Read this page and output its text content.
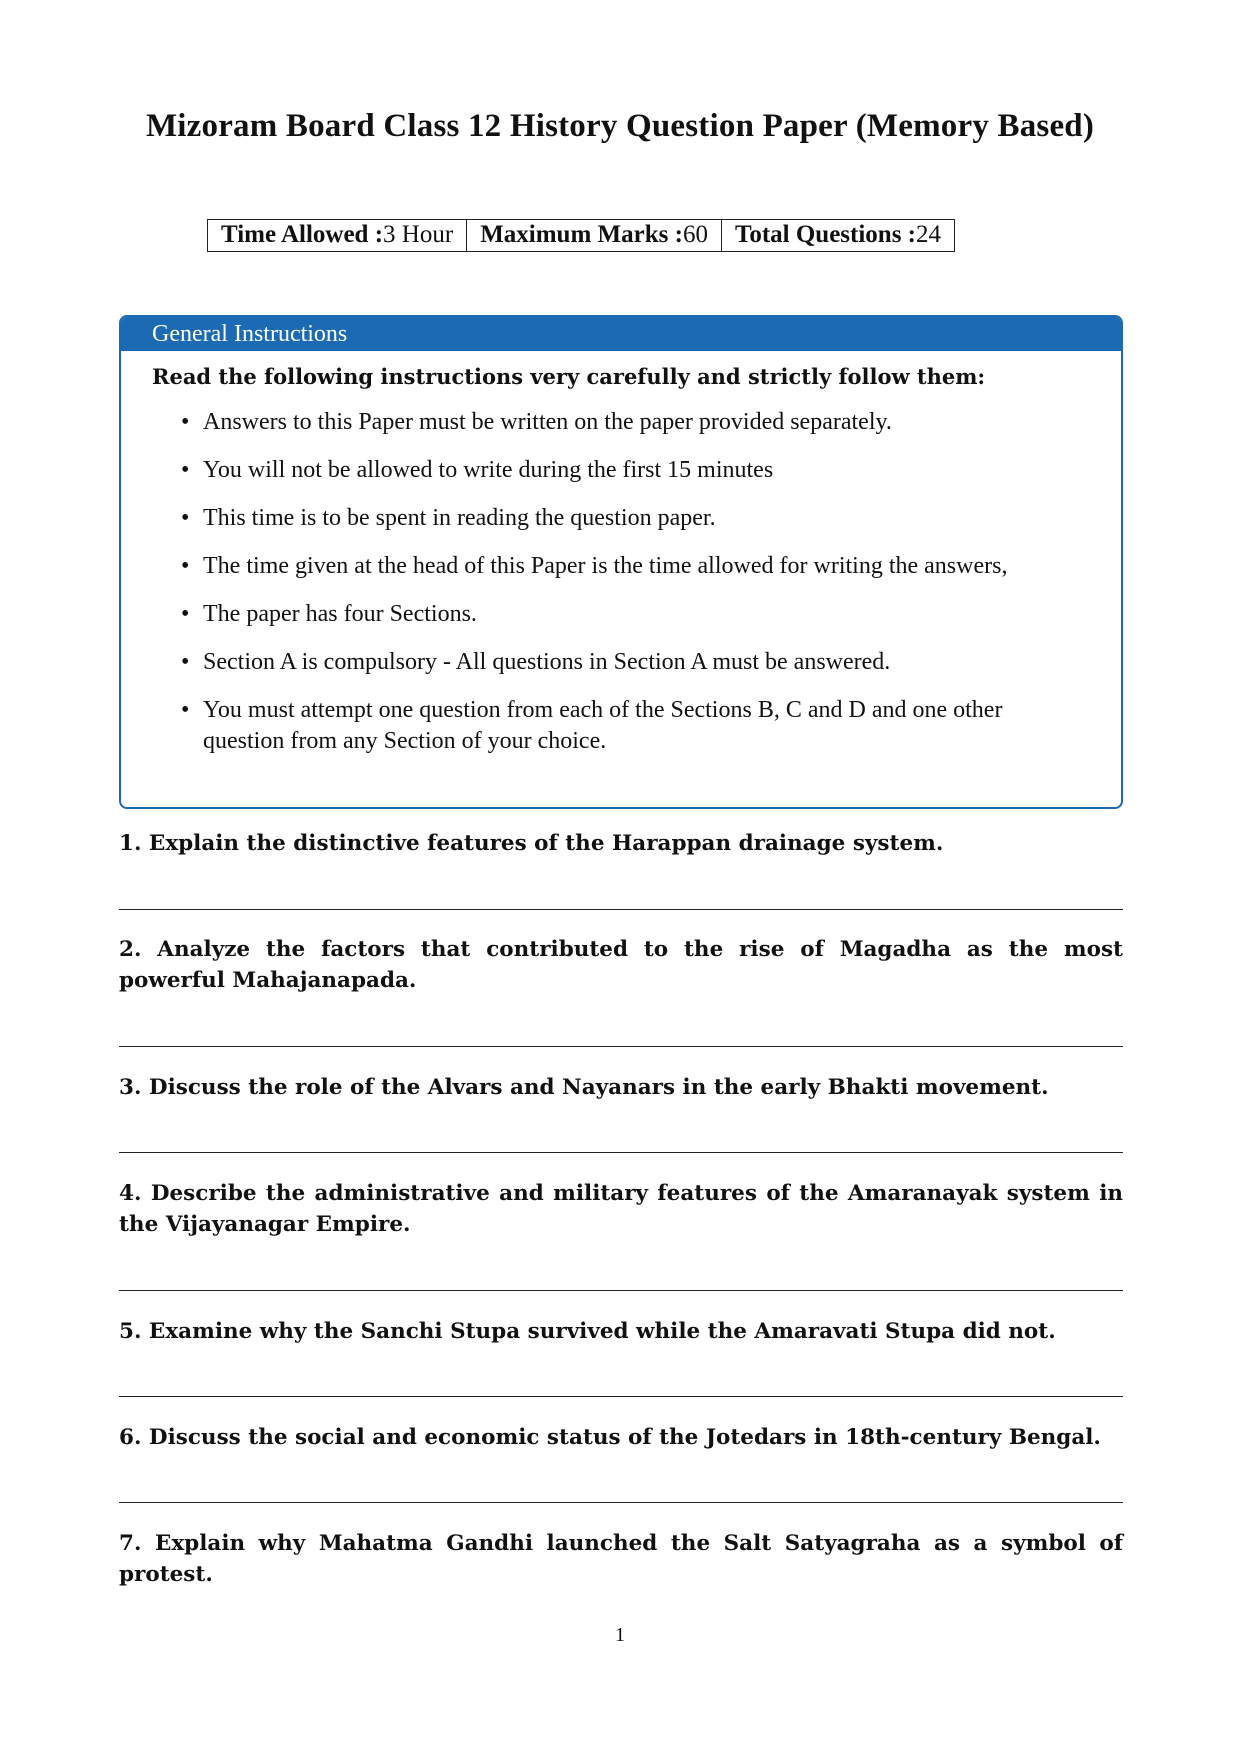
Mizoram Board Class 12 History Question Paper (Memory Based)
Time Allowed :3 Hour	Maximum Marks :60	Total Questions :24
General Instructions
Read the following instructions very carefully and strictly follow them:
• Answers to this Paper must be written on the paper provided separately.
• You will not be allowed to write during the first 15 minutes
• This time is to be spent in reading the question paper.
• The time given at the head of this Paper is the time allowed for writing the answers,
• The paper has four Sections.
• Section A is compulsory - All questions in Section A must be answered.
• You must attempt one question from each of the Sections B, C and D and one other question from any Section of your choice.
1. Explain the distinctive features of the Harappan drainage system.
2. Analyze the factors that contributed to the rise of Magadha as the most powerful Mahajanapada.
3. Discuss the role of the Alvars and Nayanars in the early Bhakti movement.
4. Describe the administrative and military features of the Amaranayak system in the Vijayanagar Empire.
5. Examine why the Sanchi Stupa survived while the Amaravati Stupa did not.
6. Discuss the social and economic status of the Jotedars in 18th-century Bengal.
7. Explain why Mahatma Gandhi launched the Salt Satyagraha as a symbol of protest.
1
